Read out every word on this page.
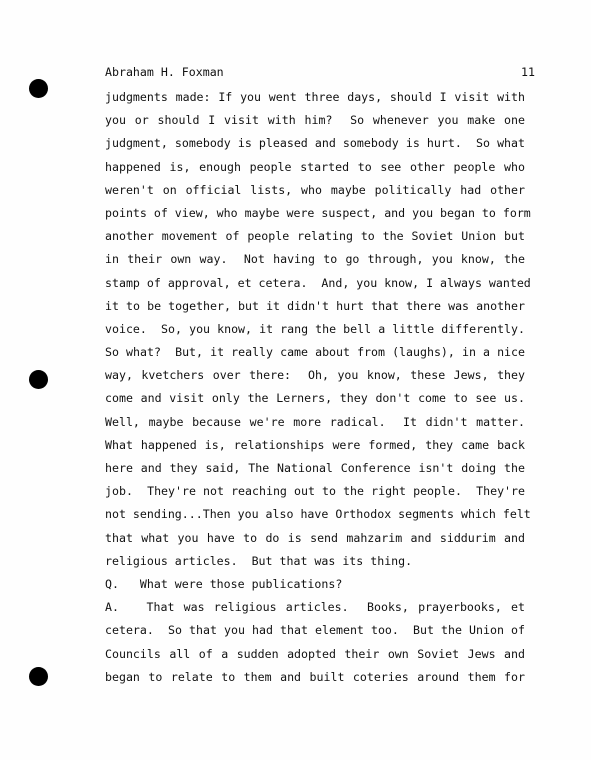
Abraham H. Foxman	11
judgments made: If you went three days, should I visit with
you or should I visit with him?  So whenever you make one
judgment, somebody is pleased and somebody is hurt.  So what
happened is, enough people started to see other people who
weren't on official lists, who maybe politically had other
points of view, who maybe were suspect, and you began to form
another movement of people relating to the Soviet Union but
in their own way.  Not having to go through, you know, the
stamp of approval, et cetera.  And, you know, I always wanted
it to be together, but it didn't hurt that there was another
voice.  So, you know, it rang the bell a little differently.
So what?  But, it really came about from (laughs), in a nice
way, kvetchers over there:  Oh, you know, these Jews, they
come and visit only the Lerners, they don't come to see us.
Well, maybe because we're more radical.  It didn't matter.
What happened is, relationships were formed, they came back
here and they said, The National Conference isn't doing the
job.  They're not reaching out to the right people.  They're
not sending...Then you also have Orthodox segments which felt
that what you have to do is send mahzarim and siddurim and
religious articles.  But that was its thing.
Q.   What were those publications?
A.   That was religious articles.  Books, prayerbooks, et
cetera.  So that you had that element too.  But the Union of
Councils all of a sudden adopted their own Soviet Jews and
began to relate to them and built coteries around them for
